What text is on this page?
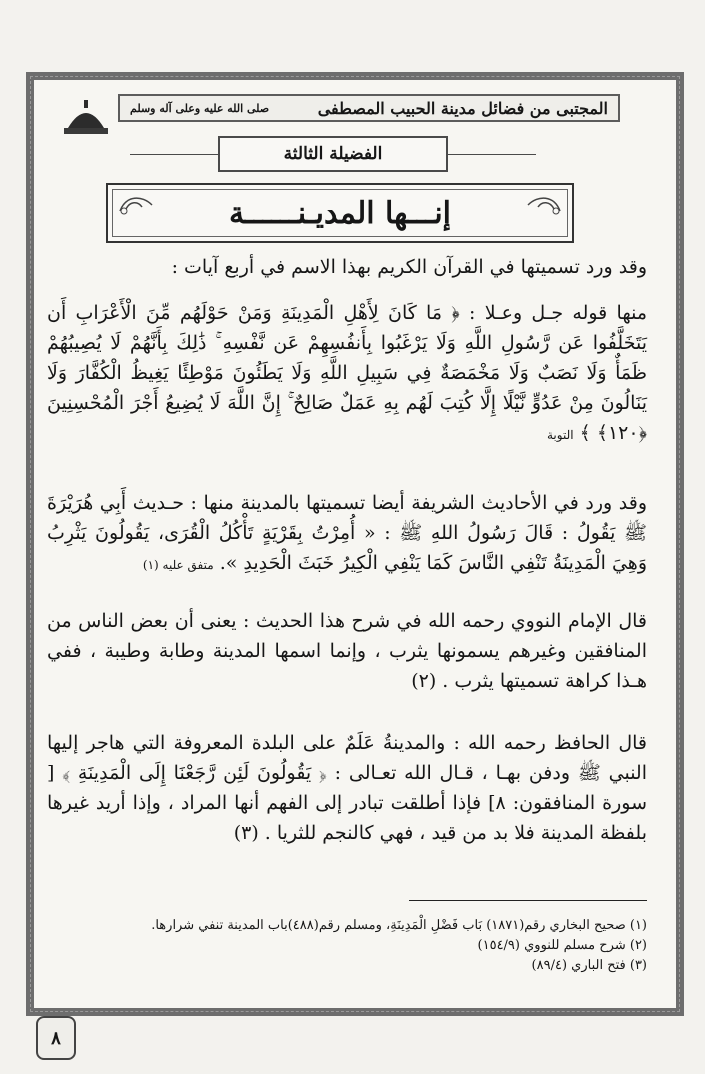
المجتبى من فضائل مدينة الحبيب المصطفى
صلى الله عليه وعلى آله وسلم
الفضيلة الثالثة
إنـــها المديـنــــــة

وقد ورد تسميتها في القرآن الكريم بهذا الاسم في أربع آيات :

منها قوله جـل وعـلا : ﴿ مَا كَانَ لِأَهْلِ الْمَدِينَةِ وَمَنْ حَوْلَهُم مِّنَ الْأَعْرَابِ أَن يَتَخَلَّفُوا عَن رَّسُولِ اللَّهِ وَلَا يَرْغَبُوا بِأَنفُسِهِمْ عَن نَّفْسِهِ ۚ ذَٰلِكَ بِأَنَّهُمْ لَا يُصِيبُهُمْ ظَمَأٌ وَلَا نَصَبٌ وَلَا مَخْمَصَةٌ فِي سَبِيلِ اللَّهِ وَلَا يَطَئُونَ مَوْطِئًا يَغِيظُ الْكُفَّارَ وَلَا يَنَالُونَ مِنْ عَدُوٍّ نَّيْلًا إِلَّا كُتِبَ لَهُم بِهِ عَمَلٌ صَالِحٌ ۚ إِنَّ اللَّهَ لَا يُضِيعُ أَجْرَ الْمُحْسِنِينَ ﴿١٢٠﴾ ﴾ التوبة

وقد ورد في الأحاديث الشريفة أيضا تسميتها بالمدينة منها : حـديث أَبِي هُرَيْرَةَ ﷺ يَقُولُ : قَالَ رَسُولُ اللهِ ﷺ : « أُمِرْتُ بِقَرْيَةٍ تَأْكُلُ الْقُرَى، يَقُولُونَ يَثْرِبُ وَهِيَ الْمَدِينَةُ تَنْفِي النَّاسَ كَمَا يَنْفِي الْكِيرُ خَبَثَ الْحَدِيدِ ». متفق عليه (١)

قال الإمام النووي رحمه الله في شرح هذا الحديث : يعنى أن بعض الناس من المنافقين وغيرهم يسمونها يثرب ، وإنما اسمها المدينة وطابة وطيبة ، ففي هـذا كراهة تسميتها يثرب . (٢)

قال الحافظ رحمه الله : والمدينةُ عَلَمٌ على البلدة المعروفة التي هاجر إليها النبي ﷺ ودفن بهـا ، قـال الله تعـالى : ﴿ يَقُولُونَ لَئِن رَّجَعْنَا إِلَى الْمَدِينَةِ ﴾ [ سورة المنافقون: ٨] فإذا أطلقت تبادر إلى الفهم أنها المراد ، وإذا أريد غيرها بلفظة المدينة فلا بد من قيد ، فهي كالنجم للثريا . (٣)

(١) صحيح البخاري رقم(١٨٧١) بَاب فَضْلِ الْمَدِينَةِ، ومسلم رقم(٤٨٨)باب المدينة تنفي شرارها.
(٢) شرح مسلم للنووي (١٥٤/٩)
(٣) فتح الباري (٨٩/٤)
٨
